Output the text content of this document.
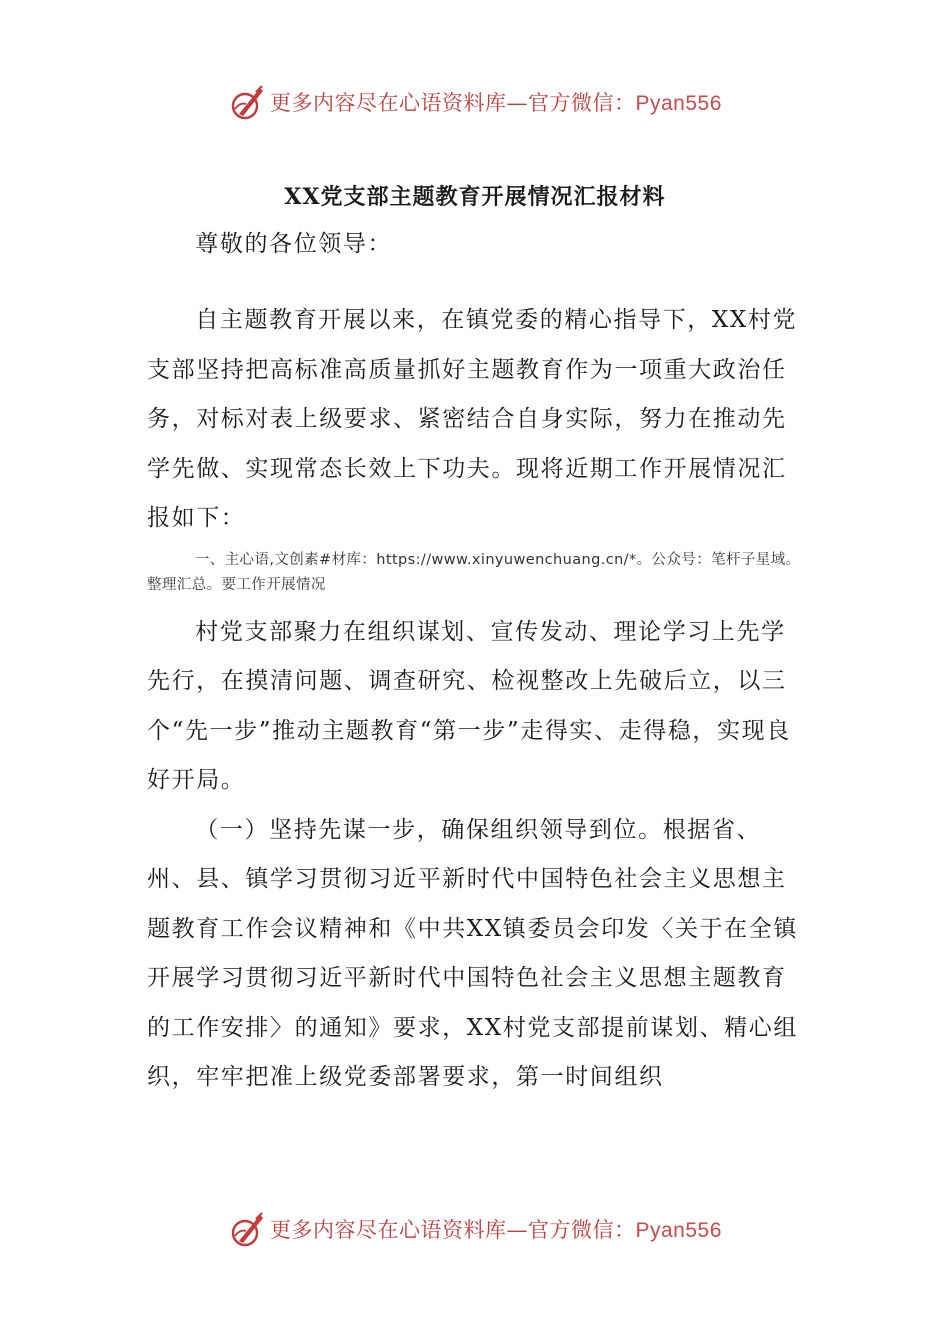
更多内容尽在心语资料库—官方微信：Pyan556
XX党支部主题教育开展情况汇报材料

尊敬的各位领导：

自主题教育开展以来，在镇党委的精心指导下，XX村党支部坚持把高标准高质量抓好主题教育作为一项重大政治任务，对标对表上级要求、紧密结合自身实际，努力在推动先学先做、实现常态长效上下功夫。现将近期工作开展情况汇报如下：

一、主心语,文创素#材库：https://www.xinyuwenchuang.cn/*。公众号：笔杆子星域。整理汇总。要工作开展情况

村党支部聚力在组织谋划、宣传发动、理论学习上先学先行，在摸清问题、调查研究、检视整改上先破后立，以三个“先一步”推动主题教育“第一步”走得实、走得稳，实现良好开局。

（一）坚持先谋一步，确保组织领导到位。根据省、州、县、镇学习贯彻习近平新时代中国特色社会主义思想主题教育工作会议精神和《中共XX镇委员会印发〈关于在全镇开展学习贯彻习近平新时代中国特色社会主义思想主题教育的工作安排〉的通知》要求，XX村党支部提前谋划、精心组织，牢牢把准上级党委部署要求，第一时间组织

更多内容尽在心语资料库—官方微信：Pyan556
